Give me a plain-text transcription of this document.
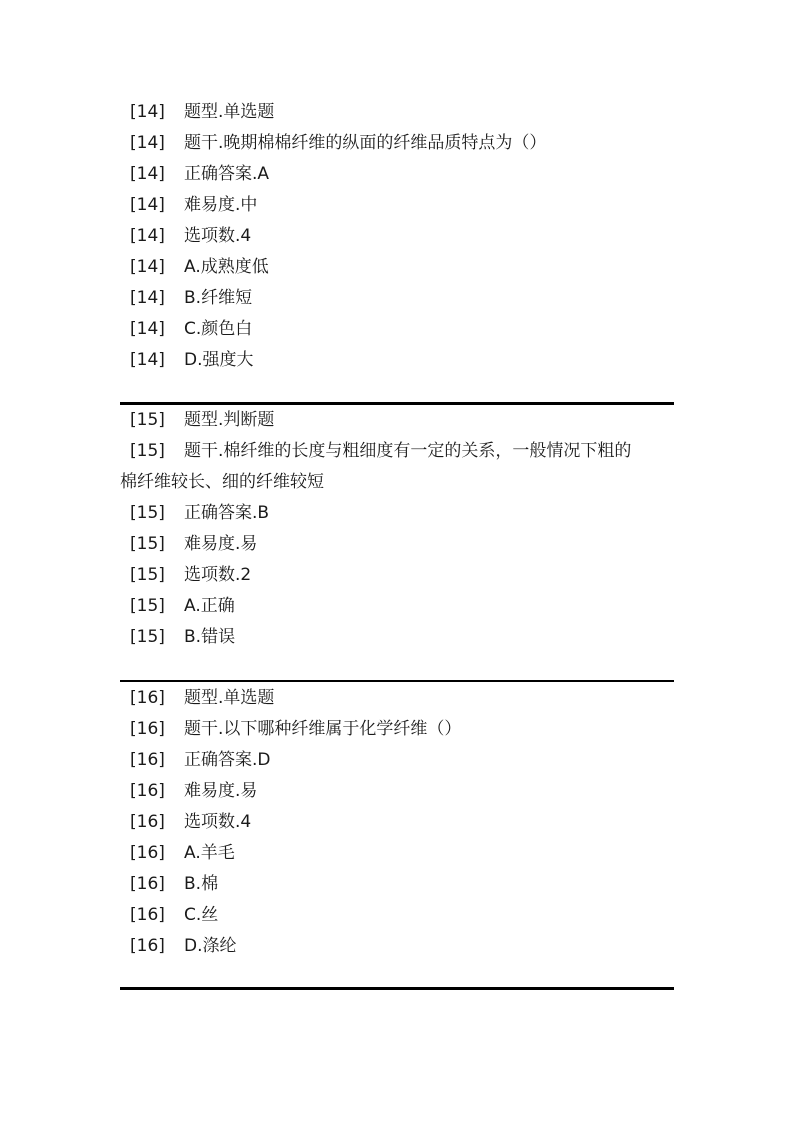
[14] 题型.单选题
[14] 题干.晚期棉棉纤维的纵面的纤维品质特点为（）
[14] 正确答案.A
[14] 难易度.中
[14] 选项数.4
[14] A.成熟度低
[14] B.纤维短
[14] C.颜色白
[14] D.强度大
[15] 题型.判断题
[15] 题干.棉纤维的长度与粗细度有一定的关系，一般情况下粗的
棉纤维较长、细的纤维较短
[15] 正确答案.B
[15] 难易度.易
[15] 选项数.2
[15] A.正确
[15] B.错误
[16] 题型.单选题
[16] 题干.以下哪种纤维属于化学纤维（）
[16] 正确答案.D
[16] 难易度.易
[16] 选项数.4
[16] A.羊毛
[16] B.棉
[16] C.丝
[16] D.涤纶
